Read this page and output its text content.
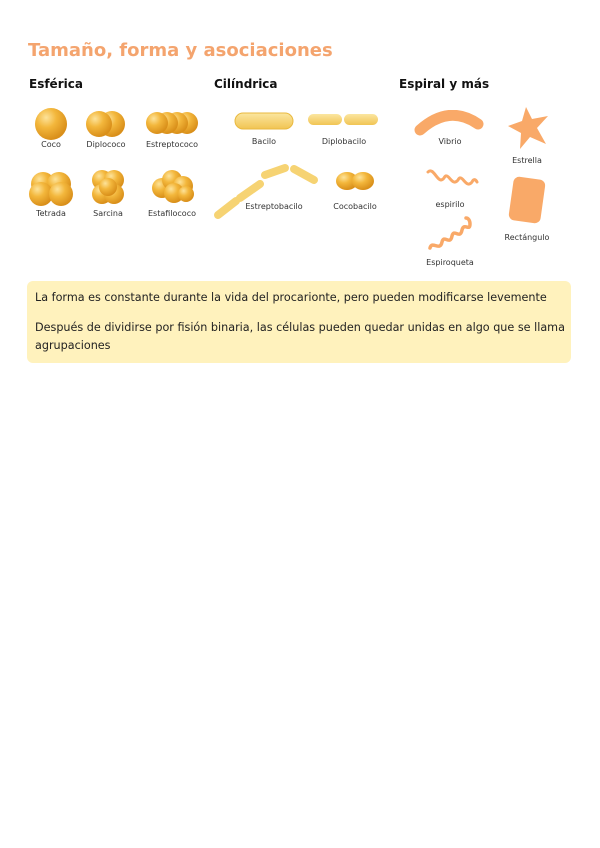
Tamaño, forma y asociaciones
Esférica	Cilíndrica	Espiral y más
Coco	Diplococo	Estreptococo
Tetrada	Sarcina	Estafilococo
Bacilo	Diplobacilo
Estreptobacilo	Cocobacilo
Vibrio
Estrella
espirilo
Rectángulo
Espiroqueta

La forma es constante durante la vida del procarionte, pero pueden modificarse levemente

Después de dividirse por fisión binaria, las células pueden quedar unidas en algo que se llama agrupaciones
